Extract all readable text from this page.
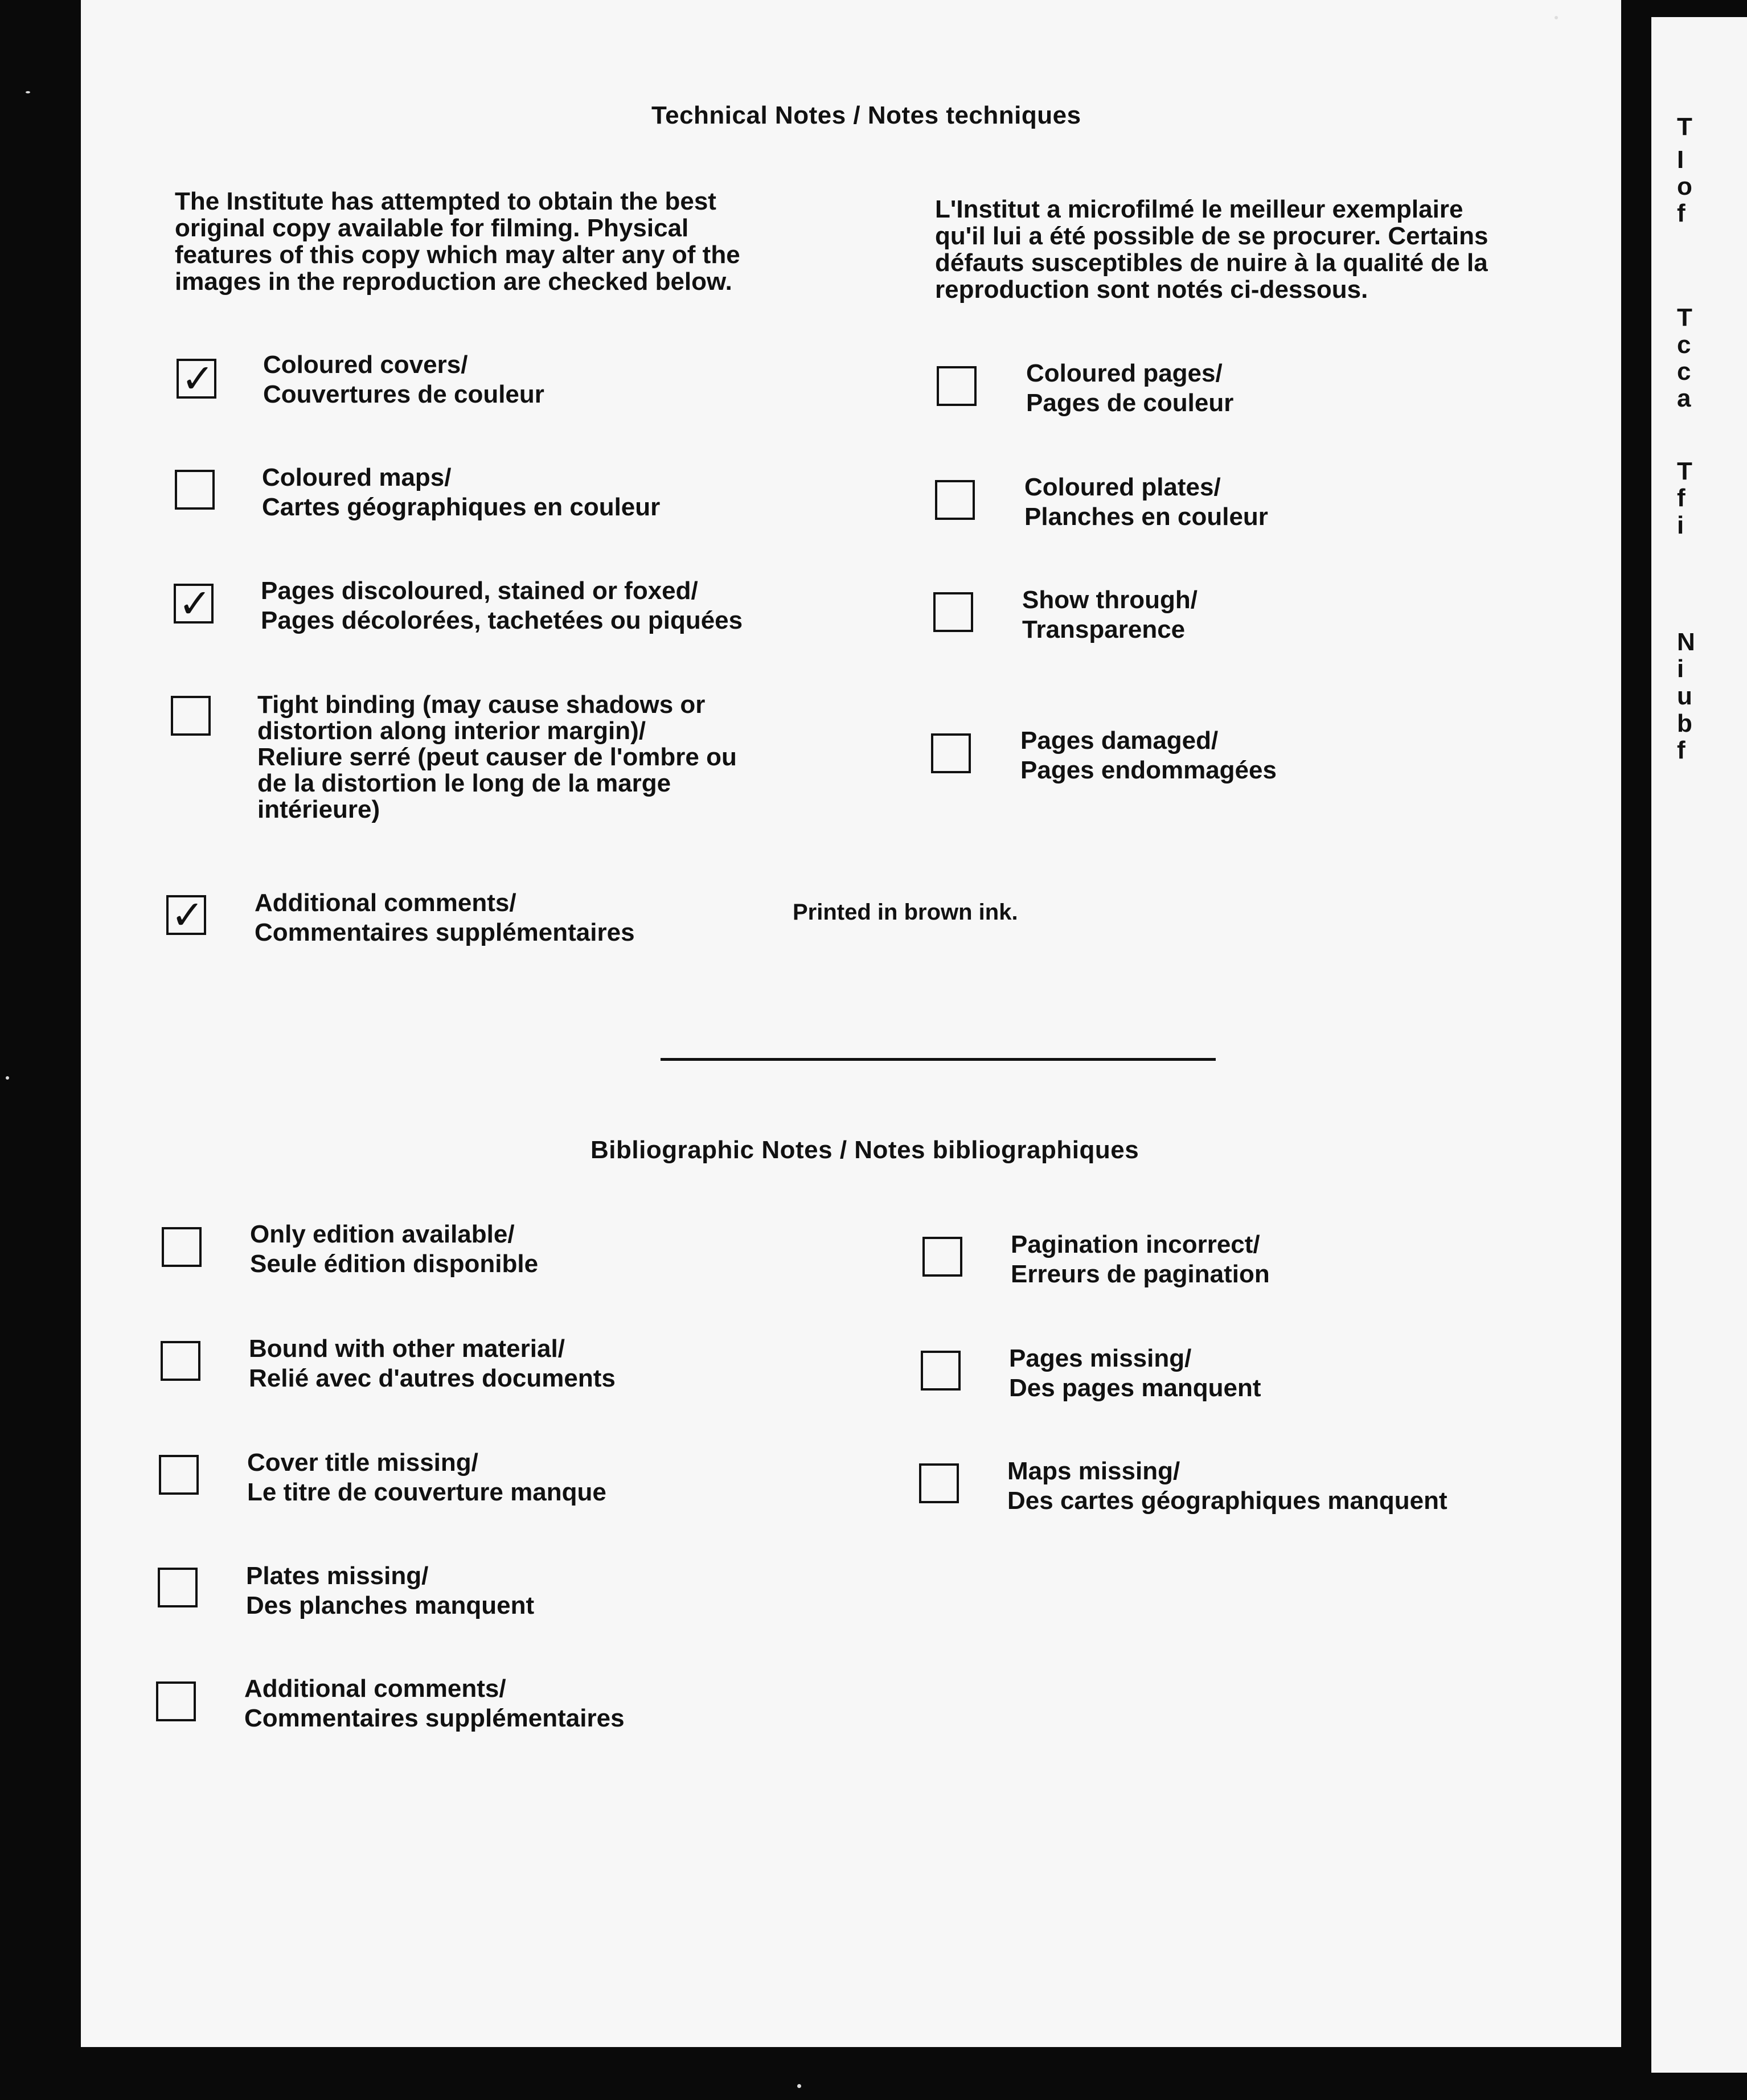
Technical Notes / Notes techniques
The Institute has attempted to obtain the best
original copy available for filming. Physical
features of this copy which may alter any of the
images in the reproduction are checked below.
L'Institut a microfilmé le meilleur exemplaire
qu'il lui a été possible de se procurer. Certains
défauts susceptibles de nuire à la qualité de la
reproduction sont notés ci-dessous.
✓ Coloured covers/
Couvertures de couleur
Coloured maps/
Cartes géographiques en couleur
✓ Pages discoloured, stained or foxed/
Pages décolorées, tachetées ou piquées
Tight binding (may cause shadows or
distortion along interior margin)/
Reliure serré (peut causer de l'ombre ou
de la distortion le long de la marge
intérieure)
✓ Additional comments/
Commentaires supplémentaires
Printed in brown ink.
Coloured pages/
Pages de couleur
Coloured plates/
Planches en couleur
Show through/
Transparence
Pages damaged/
Pages endommagées
Bibliographic Notes / Notes bibliographiques
Only edition available/
Seule édition disponible
Bound with other material/
Relié avec d'autres documents
Cover title missing/
Le titre de couverture manque
Plates missing/
Des planches manquent
Additional comments/
Commentaires supplémentaires
Pagination incorrect/
Erreurs de pagination
Pages missing/
Des pages manquent
Maps missing/
Des cartes géographiques manquent
T
I
o
f
T
c
c
a
T
f
i
N
i
u
b
f
